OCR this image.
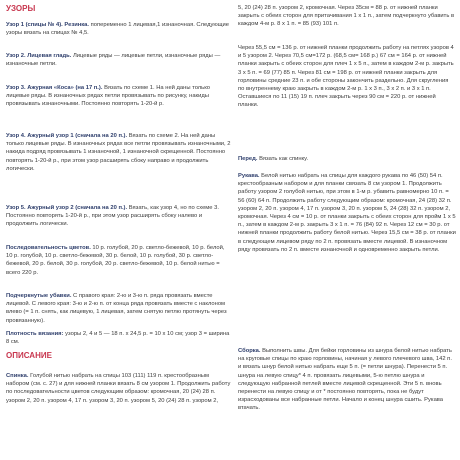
УЗОРЫ

Узор 1 (спицы № 4). Резинка. попеременно 1 лицевая,1 изнаночная. Следующие узоры вязать на спицах № 4,5.

Узор 2. Лицевая гладь. Лицевые ряды — лицевые петли, изнаночные ряды — изнаночные петли.

Узор 3. Ажурная «Коса» (на 17 п.). Вязать по схеме 1. На ней даны только лицевые ряды. В изнаночных рядах петли провязывать по рисунку, накиды провязывать изнаночными. Постоянно повторять 1-20-й р.

Узор 4. Ажурный узор 1 (сначала на 20 п.). Вязать по схеме 2. На ней даны только лицевые ряды. В изнаночных рядах все петли провязывать изнаночными, 2 накида подряд провязывать 1 изнаночной, 1 изнаночной скрещенной. Постоянно повторять 1-20-й р., при этом узор расширять сбоку направо и продолжить логически.

Узор 5. Ажурный узор 2 (сначала на 20 п.). Вязать, как узор 4, но по схеме 3. Постоянно повторять 1-20-й р., при этом узор расширять сбоку налево и продолжить логически.

Последовательность цветов. 10 р. голубой, 20 р. светло-бежевой, 10 р. белой, 10 р. голубой, 10 р. светло-бежевой, 30 р. белой, 10 р. голубой, 30 р. светло-бежевой, 20 р. белой, 30 р. голубой, 20 р. светло-бежевой, 10 р. белой нитью = всего 220 р.

Подчеркнутые убавки. С правого края: 2-ю и 3-ю п. ряда провязать вместе лицевой. С левого края: 3-ю и 2-ю п. от конца ряда провязать вместе с наклоном влево (= 1 п. снять, как лицевую, 1 лицевая, затем снятую петлю протянуть через провязанную).

Плотность вязания: узоры 2, 4 и 5 — 18 п. х 24,5 р. = 10 х 10 см; узор 3 = ширина 8 см.

ОПИСАНИЕ

Спинка. Голубой нитью набрать на спицы 103 (111) 119 п. крестообразным набором (см. с. 27) и для нижней планки вязать 8 см узором 1. Продолжить работу по последовательности цветов следующим образом: кромочная, 20 (24) 28 п. узором 2, 20 п. узором 4, 17 п. узором 3, 20 п. узором 5, 20 (24) 28 п. узором 2,

5, 20 (24) 28 п. узором 2, кромочная. Через 35см = 88 р. от нижней планки закрыть с обеих сторон для притачивания 1 x 1 п., затем подчеркнуто убавить в каждом 4-м р. 8 x 1 п. = 85 (93) 101 п.

Через 55,5 см = 136 р. от нижней планки продолжить работу на петлях узоров 4 и 5 узором 2. Через 70,5 см=172 р. (68,5 см= 168 р.) 67 см = 164 р. от нижней планки закрыть с обеих сторон для плеч 1 x 5 п., затем в каждом 2-м р. закрыть 3 x 5 п. = 69 (77) 85 п. Через 81 см = 198 р. от нижней планки закрыть для горловины средние 23 п. и обе стороны закончить раздельно. Для скругления по внутреннему краю закрыть в каждом 2-м р. 1 x 3 п., 3 x 2 п. и 3 x 1 п. Оставшиеся по 11 (15) 19 п. плеч закрыть через 90 см = 220 р. от нижней планки.

Перед. Вязать как спинку.

Рукава. Белой нитью набрать на спицы для каждого рукава по 46 (50) 54 п. крестообразным набором и для планки связать 8 см узором 1. Продолжить работу узором 2 голубой нитью, при этом в 1-м р. убавить равномерно 10 п. = 56 (60) 64 п. Продолжить работу следующим образом: кромочная, 24 (28) 32 п. узором 2, 20 п. узором 4, 17 п. узором 3, 20 п. узором 5, 24 (28) 32 п. узором 2, кромочная. Через 4 см = 10 р. от планки закрыть с обеих сторон для пройм 1 x 5 п., затем в каждом 2-м р. закрыть 3 x 1 п. = 76 (84) 92 п. Через 12 см = 30 р. от нижней планки продолжить работу белой нитью. Через 15,5 см = 38 р. от планки в следующем лицевом ряду по 2 п. провязать вместе лицевой. В изнаночном ряду провязать по 2 п. вместе изнаночной и одновременно закрыть петли.

Сборка. Выполнить швы. Для бейки горловины из шнура белой нитью набрать на круговые спицы по краю горловины, начиная у левого плечевого шва, 142 п. и вязать шнур белой нитью набрать еще 5 п. (= петли шнура). Перенести 5 п. шнура на левую спицу* 4 п. провязать лицевыми, 5-ю петлю шнура и следующую набранной петлей вместе лицевой скрещенной. Эти 5 п. вновь перенести на левую спицу и от * постоянно повторять, пока не будут израсходованы все набранные петли. Начало и конец шнура сшить. Рукава втачать.
